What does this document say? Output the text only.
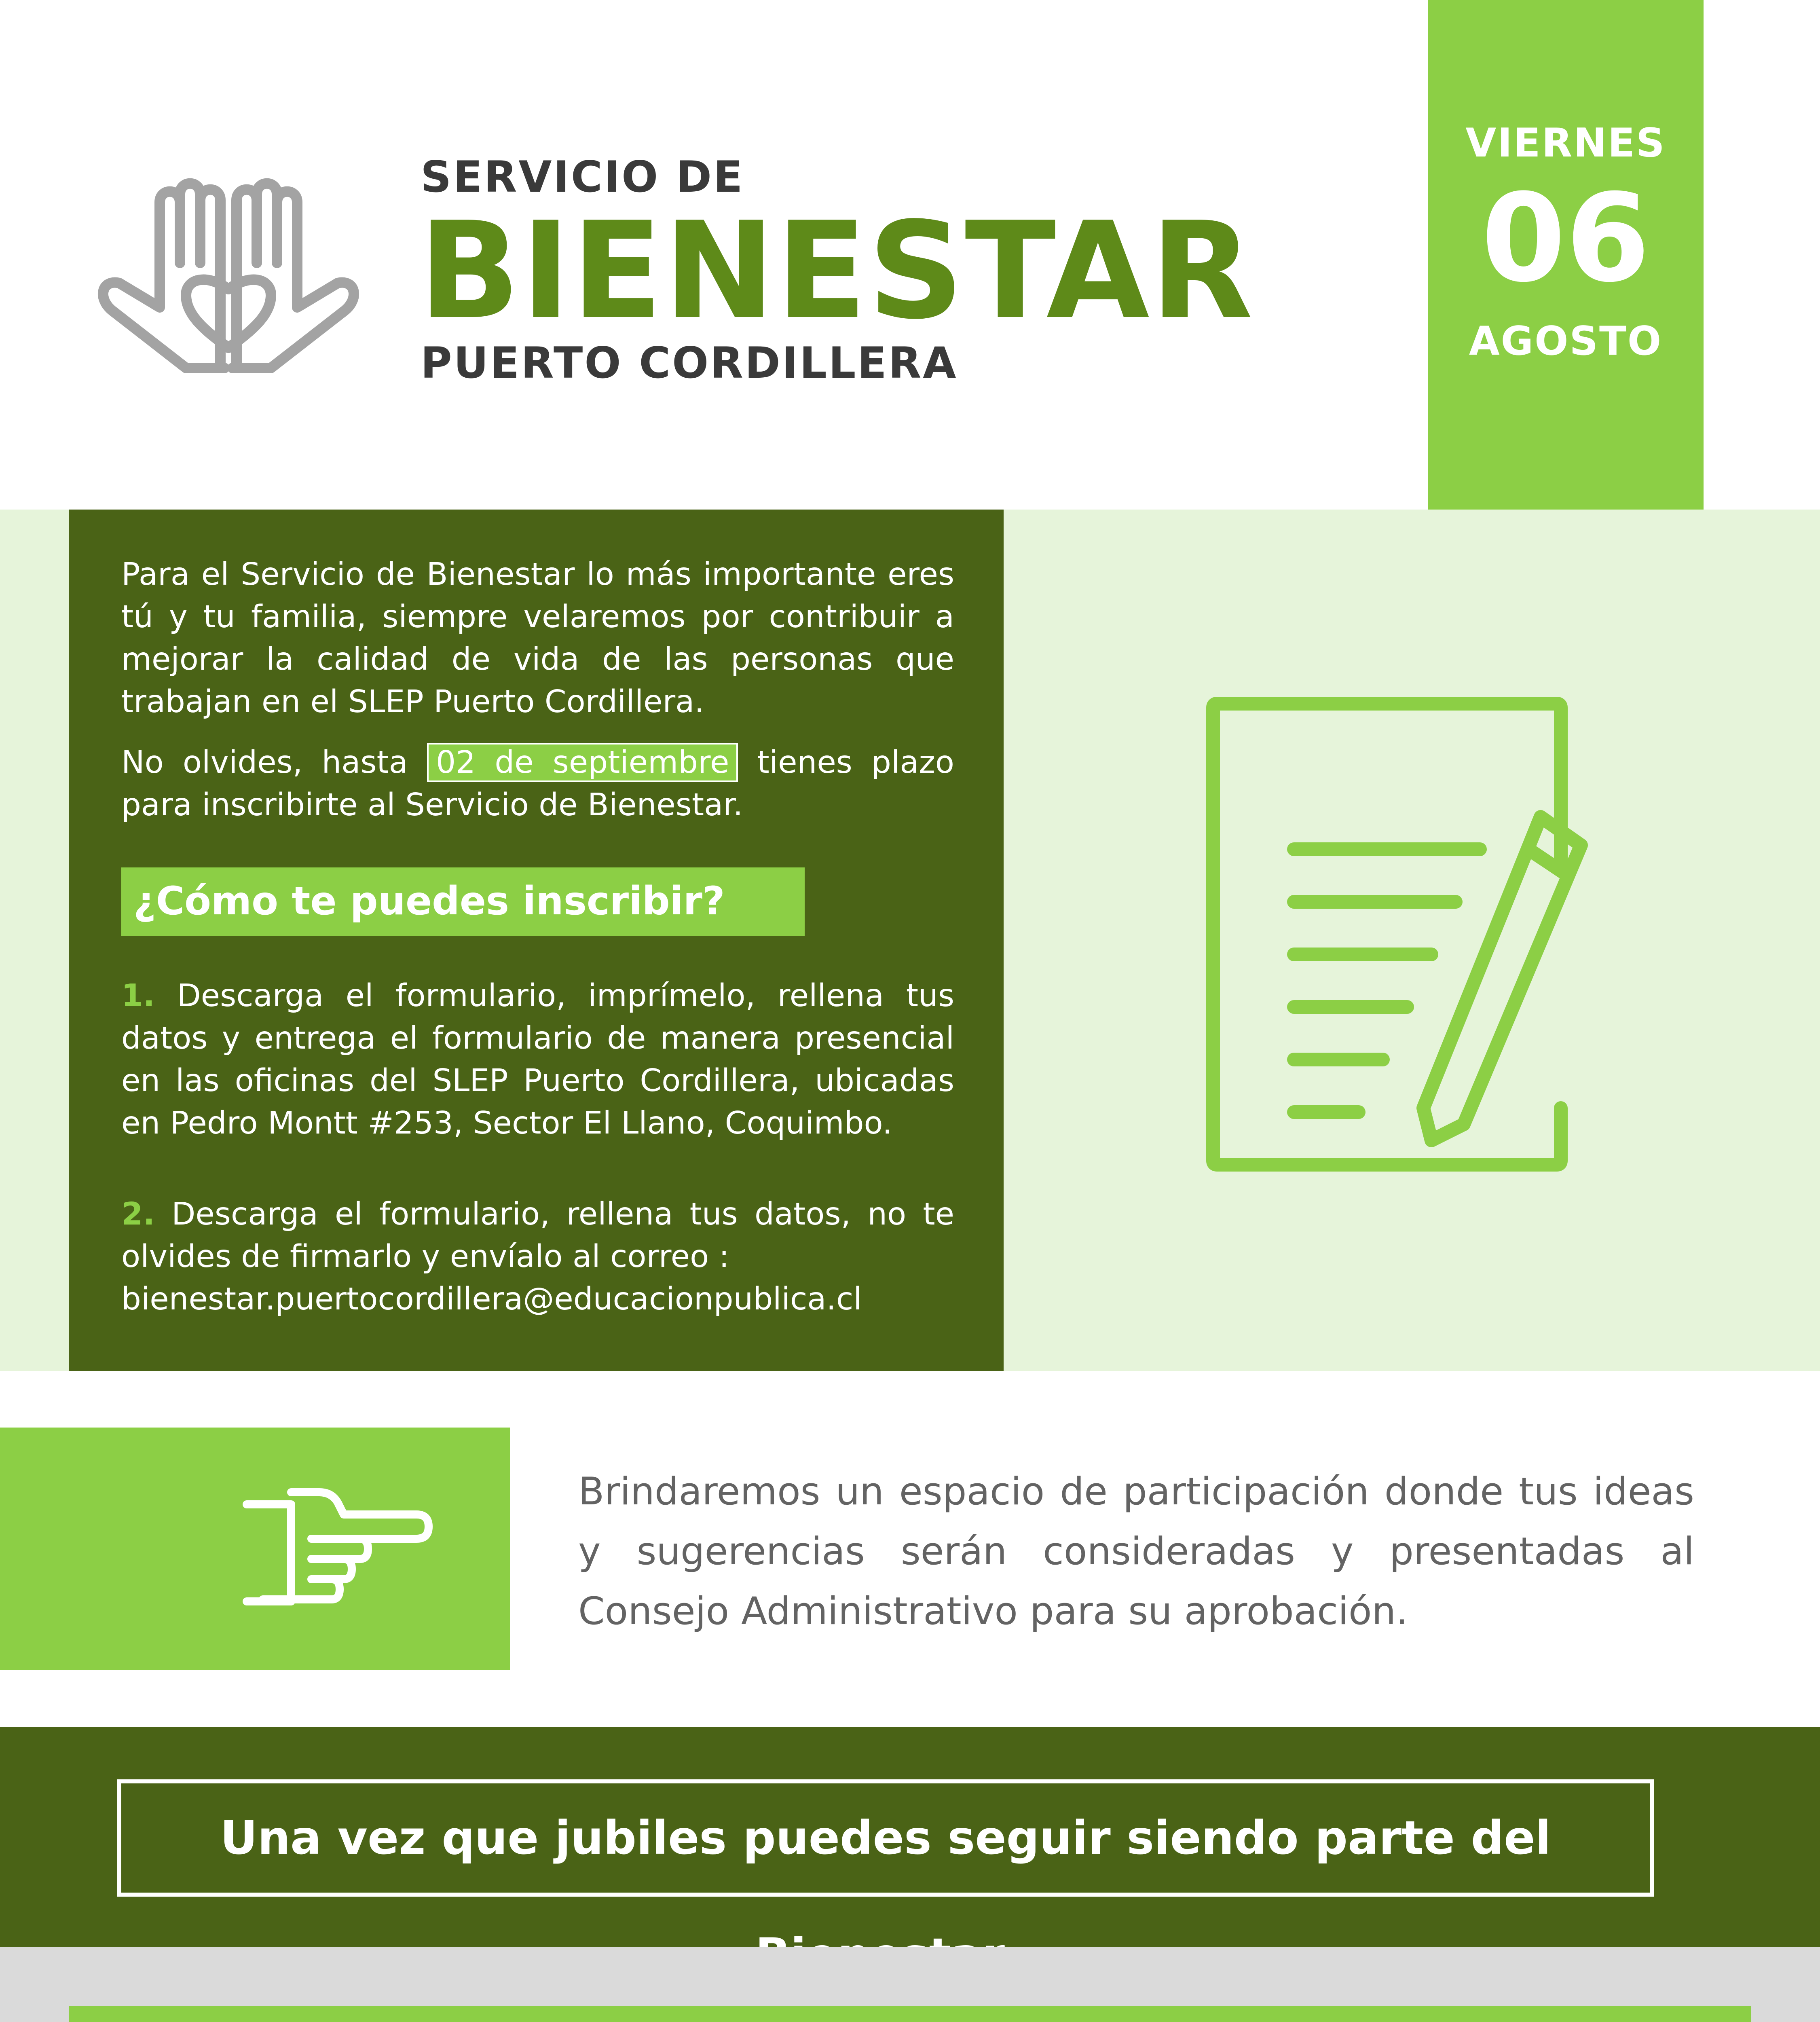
SERVICIO DE
BIENESTAR
PUERTO CORDILLERA
VIERNES
06
AGOSTO
Para el Servicio de Bienestar lo más importante eres tú y tu familia, siempre velaremos por contribuir a mejorar la calidad de vida de las personas que trabajan en el SLEP Puerto Cordillera.
No olvides, hasta 02 de septiembre tienes plazo para inscribirte al Servicio de Bienestar.
¿Cómo te puedes inscribir?
1. Descarga el formulario, imprímelo, rellena tus datos y entrega el formulario de manera presencial en las oficinas del SLEP Puerto Cordillera, ubicadas en Pedro Montt #253, Sector El Llano, Coquimbo.
2. Descarga el formulario, rellena tus datos, no te olvides de firmarlo y envíalo al correo :
bienestar.puertocordillera@educacionpublica.cl
Brindaremos un espacio de participación donde tus ideas y sugerencias serán consideradas y presentadas al Consejo Administrativo para su aprobación.
Una vez que jubiles puedes seguir siendo parte del
